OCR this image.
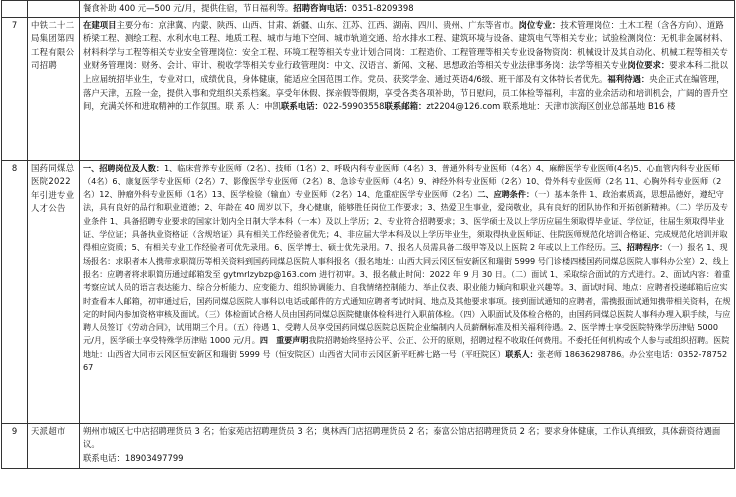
		餐食补助 400 元—500 元/月，提供住宿，节日福利等。招聘咨询电话：0351-8209398
7	中铁二十二局集团第四工程有限公司招聘	在建项目主要分布：京津冀、内蒙、陕西、山西、甘肃、新疆、山东、江苏、江西、湖南、四川、贵州、广东等省市。岗位专业：技术管理岗位：土木工程（含各方向）、道路桥梁工程、测绘工程、水利水电工程、地质工程、城市与地下空间、城市轨道交通、给水排水工程、建筑环境与设备、建筑电气等相关专业；试验检测岗位：无机非金属材料、材料科学与工程等相关专业安全管理岗位：安全工程、环境工程等相关专业计划合同岗：工程造价、工程管理等相关专业设备物资岗：机械设计及其自动化、机械工程等相关专业财务管理岗：财务、会计、审计、税收学等相关专业行政管理岗：中文、汉语言、新闻、文秘、思想政治等相关专业法律事务岗：法学等相关专业岗位要求：要求本科二批以上应届统招毕业生，专业对口，成绩优良，身体健康，能适应全国范围工作。党员、获奖学金、通过英语4/6级、班干部及有文体特长者优先。福利待遇：央企正式在编管理，落户天津，五险一金，提供入事和党组织关系档案。享受年休假、探亲假等假期，享受各类各项补助，节日慰问，员工体检等福利，丰富的业余活动和培训机会，广阔的晋升空间，充满关怀和进取精神的工作氛围。联 系 人：申凯联系电话：022-59903558联系邮箱：zt2204@126.com 联系地址：天津市滨海区创业总部基地 B16 楼
8	国药同煤总医院2022年引进专业人才公告	一、招聘岗位及人数：1、临床营养专业医师（2名）、技师（1名）2、呼吸内科专业医师（4名）3、普通外科专业医师（4名）4、麻醉医学专业医师(4名)5、心血管内科专业医师（4名）6、康复医学专业医师（2名）7、影像医学专业医师（2名）8、急诊专业医师（4名）9、神经外科专业医师（2名）10、骨外科专业医师（2名 11、心胸外科专业医师（2名）12、肿瘤外科专业医师（1名）13、医学检验（输血）专业医师（2名）14、危重症医学专业医师（2名）二、应聘条件：（一）基本条件 1、政治素质高，思想品德好，遵纪守法，具有良好的品行和职业道德；2、年龄在 40 周岁以下，身心健康，能够胜任岗位工作要求；3、热爱卫生事业，爱岗敬业，具有良好的团队协作和开拓创新精神。（二）学历及专业条件 1、具备招聘专业要求的国家计划内全日制大学本科（一本）及以上学历；2、专业符合招聘要求；3、医学硕士及以上学历应届生须取得毕业证、学位证，往届生须取得毕业证、学位证；具备执业资格证（含规培证）具有相关工作经验者优先；4、非应届大学本科及以上学历毕业生，须取得执业医师证、住院医师规范化培训合格证、完成规范化培训并取得相应资质；5、有相关专业工作经验者可优先录用。6、医学博士、硕士优先录用。7、报名人员需具备二级甲等及以上医院 2 年或以上工作经历。三、招聘程序：（一）报名 1、现场报名：求职者本人携带求职简历等相关资料到国药同煤总医院人事科报名（报名地址：山西大同云冈区恒安新区和瑞街 5999 号门诊楼四楼国药同煤总医院人事科办公室）2、线上报名：应聘者将求职简历通过邮箱发至 gytmrlzybzp@163.com 进行初审。3、报名截止时间：2022 年 9 月 30 日。（二）面试 1、采取综合面试的方式进行。2、面试内容：着重考察应试人员的语言表达能力、综合分析能力、应变能力、组织协调能力、自我情绪控制能力、举止仪表、职业能力倾向和职业兴趣等。3、面试时间、地点：应聘者投递邮箱后应实时查看本人邮箱，初审通过后，国药同煤总医院人事科以电话或邮件的方式通知应聘者考试时间、地点及其他要求事项。接到面试通知的应聘者，需携报面试通知携带相关资料，在规定的时间内参加资格审核及面试。（三）体检面试合格人员由国药同煤总医院健康体检科进行入职前体检。（四）入职面试及体检合格的，由国药同煤总医院人事科办理入职手续，与应聘人员签订《劳动合同》，试用期三个月。（五）待遇 1、受聘人员享受国药同煤总医院总医院企业编制内人员薪酬标准及相关福利待遇。2、医学博士享受医院特殊学历津贴 5000 元/月，医学硕士享受特殊学历津贴 1000 元/月。四　重要声明我院招聘始终坚持公平、公正、公开的原则，招聘过程不收取任何费用。不委托任何机构或个人参与或组织招聘。医院地址：山西省大同市云冈区恒安新区和瑞街 5999 号（恒安院区）山西省大同市云冈区新平旺裤七路一号（平旺院区）联系人：张老师 18636298786。办公室电话：0352-7875267
9	天派超市	朔州市城区七中店招聘理货员 3 名；怡家苑店招聘理货员 3 名；奥林西门店招聘理货员 2 名；泰富公馆店招聘理货员 2 名；要求身体健康，工作认真细致，具体薪资待遇面议。
联系电话：18903497799
